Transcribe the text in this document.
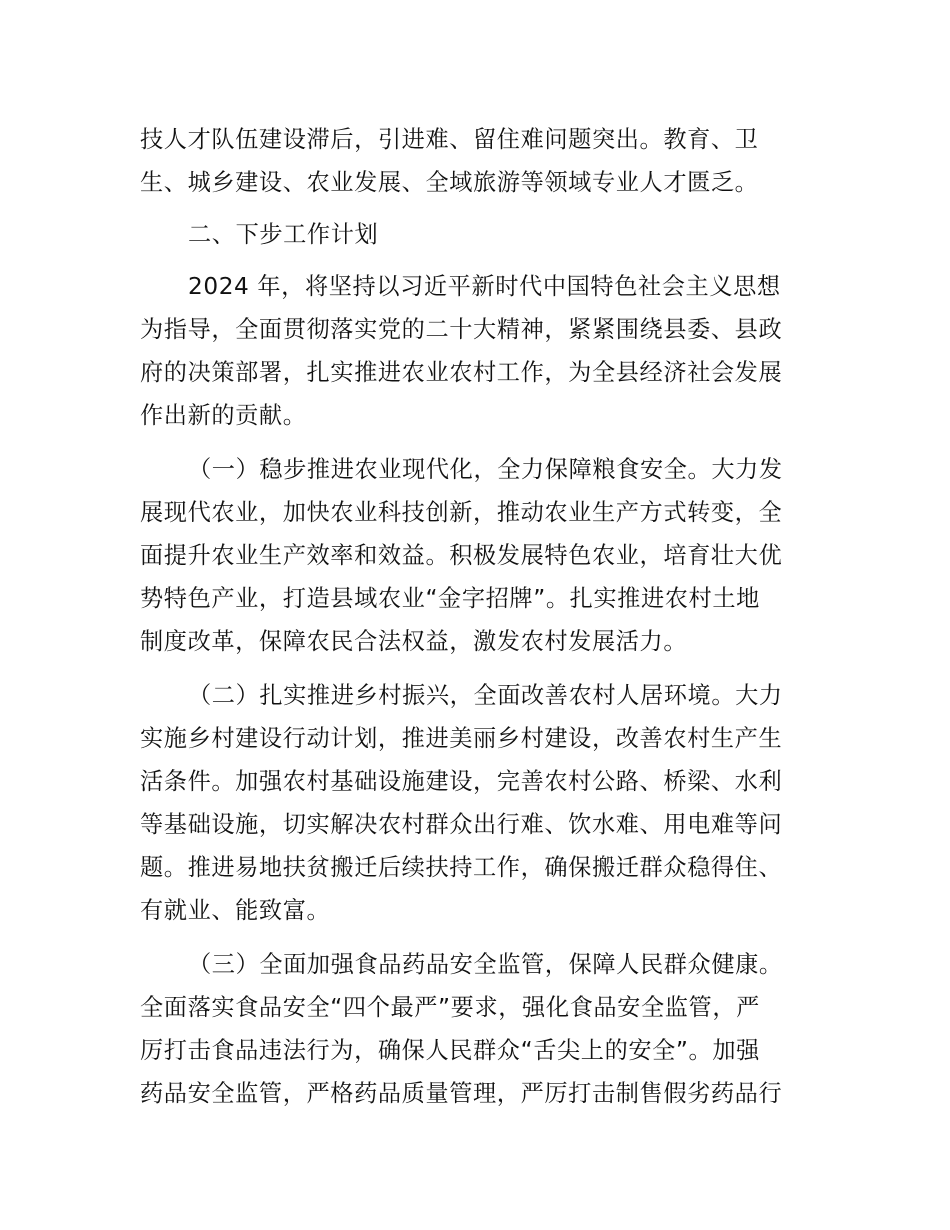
技人才队伍建设滞后，引进难、留住难问题突出。教育、卫
生、城乡建设、农业发展、全域旅游等领域专业人才匮乏。
二、下步工作计划
2024 年，将坚持以习近平新时代中国特色社会主义思想
为指导，全面贯彻落实党的二十大精神，紧紧围绕县委、县政
府的决策部署，扎实推进农业农村工作，为全县经济社会发展
作出新的贡献。
（一）稳步推进农业现代化，全力保障粮食安全。大力发
展现代农业，加快农业科技创新，推动农业生产方式转变，全
面提升农业生产效率和效益。积极发展特色农业，培育壮大优
势特色产业，打造县域农业“金字招牌”。扎实推进农村土地
制度改革，保障农民合法权益，激发农村发展活力。
（二）扎实推进乡村振兴，全面改善农村人居环境。大力
实施乡村建设行动计划，推进美丽乡村建设，改善农村生产生
活条件。加强农村基础设施建设，完善农村公路、桥梁、水利
等基础设施，切实解决农村群众出行难、饮水难、用电难等问
题。推进易地扶贫搬迁后续扶持工作，确保搬迁群众稳得住、
有就业、能致富。
（三）全面加强食品药品安全监管，保障人民群众健康。
全面落实食品安全“四个最严”要求，强化食品安全监管，严
厉打击食品违法行为，确保人民群众“舌尖上的安全”。加强
药品安全监管，严格药品质量管理，严厉打击制售假劣药品行
